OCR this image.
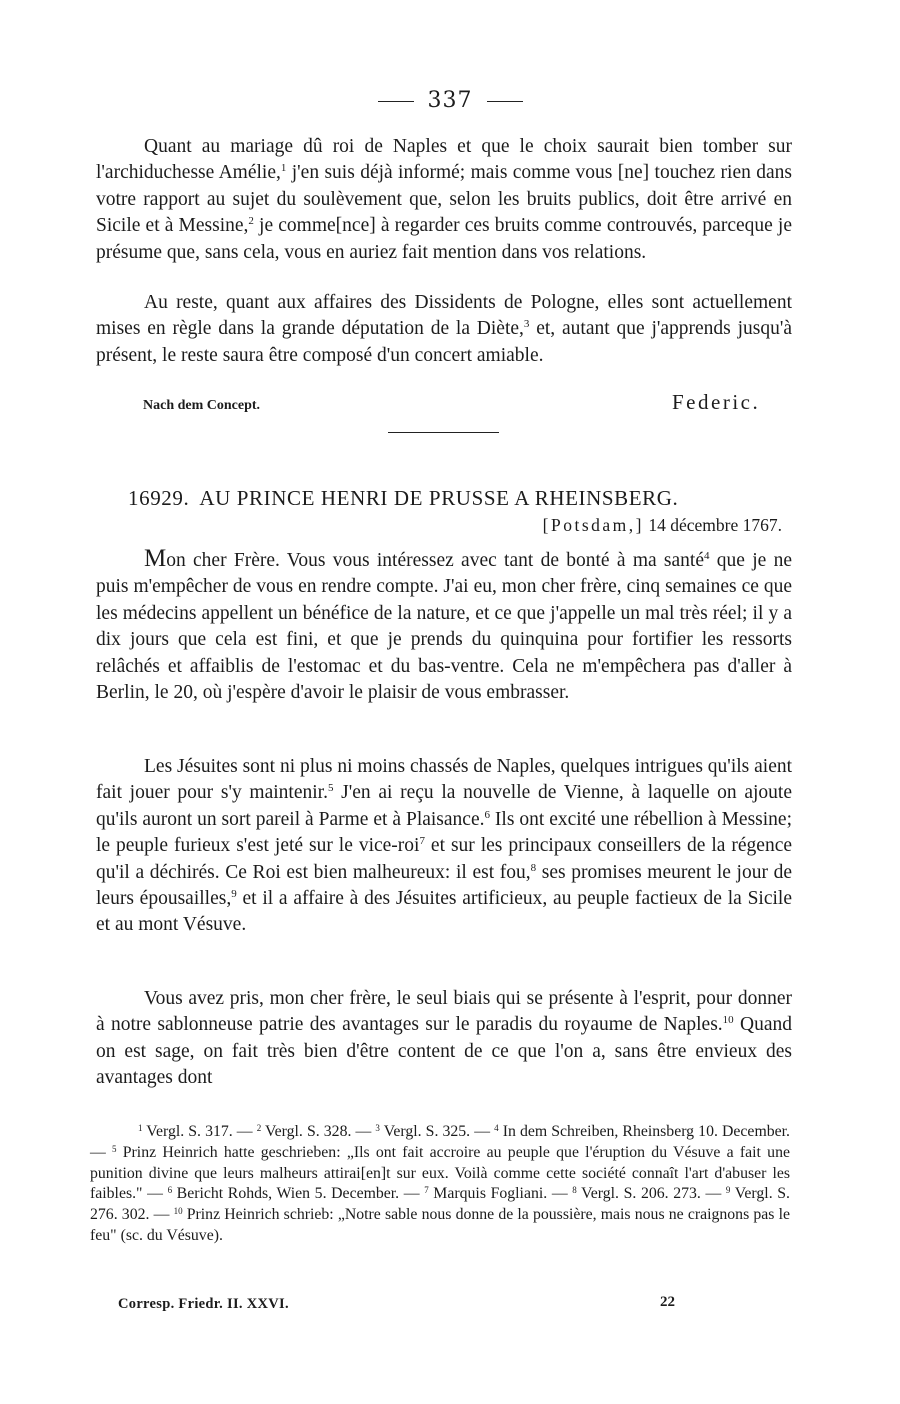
337
Quant au mariage dû roi de Naples et que le choix saurait bien tomber sur l'archiduchesse Amélie,$^1$ j'en suis déjà informé; mais comme vous [ne] touchez rien dans votre rapport au sujet du soulèvement que, selon les bruits publics, doit être arrivé en Sicile et à Messine,$^2$ je comme[nce] à regarder ces bruits comme controuvés, parceque je présume que, sans cela, vous en auriez fait mention dans vos relations.
Au reste, quant aux affaires des Dissidents de Pologne, elles sont actuellement mises en règle dans la grande députation de la Diète,$^3$ et, autant que j'apprends jusqu'à présent, le reste saura être composé d'un concert amiable.
Nach dem Concept.	Federic.
16929. AU PRINCE HENRI DE PRUSSE A RHEINSBERG.
[Potsdam,] 14 décembre 1767.
Mon cher Frère. Vous vous intéressez avec tant de bonté à ma santé$^4$ que je ne puis m'empêcher de vous en rendre compte. J'ai eu, mon cher frère, cinq semaines ce que les médecins appellent un bénéfice de la nature, et ce que j'appelle un mal très réel; il y a dix jours que cela est fini, et que je prends du quinquina pour fortifier les ressorts relâchés et affaiblis de l'estomac et du bas-ventre. Cela ne m'empêchera pas d'aller à Berlin, le 20, où j'espère d'avoir le plaisir de vous embrasser.
Les Jésuites sont ni plus ni moins chassés de Naples, quelques intrigues qu'ils aient fait jouer pour s'y maintenir.$^5$ J'en ai reçu la nouvelle de Vienne, à laquelle on ajoute qu'ils auront un sort pareil à Parme et à Plaisance.$^6$ Ils ont excité une rébellion à Messine; le peuple furieux s'est jeté sur le vice-roi$^7$ et sur les principaux conseillers de la régence qu'il a déchirés. Ce Roi est bien malheureux: il est fou,$^8$ ses promises meurent le jour de leurs épousailles,$^9$ et il a affaire à des Jésuites artificieux, au peuple factieux de la Sicile et au mont Vésuve.
Vous avez pris, mon cher frère, le seul biais qui se présente à l'esprit, pour donner à notre sablonneuse patrie des avantages sur le paradis du royaume de Naples.$^{10}$ Quand on est sage, on fait très bien d'être content de ce que l'on a, sans être envieux des avantages dont
$^1$ Vergl. S. 317. — $^2$ Vergl. S. 328. — $^3$ Vergl. S. 325. — $^4$ In dem Schreiben, Rheinsberg 10. December. — $^5$ Prinz Heinrich hatte geschrieben: „Ils ont fait accroire au peuple que l'éruption du Vésuve a fait une punition divine que leurs malheurs attirai[en]t sur eux. Voilà comme cette société connaît l'art d'abuser les faibles." — $^6$ Bericht Rohds, Wien 5. December. — $^7$ Marquis Fogliani. — $^8$ Vergl. S. 206. 273. — $^9$ Vergl. S. 276. 302. — $^{10}$ Prinz Heinrich schrieb: „Notre sable nous donne de la poussière, mais nous ne craignons pas le feu" (sc. du Vésuve).
Corresp. Friedr. II. XXVI.	22
